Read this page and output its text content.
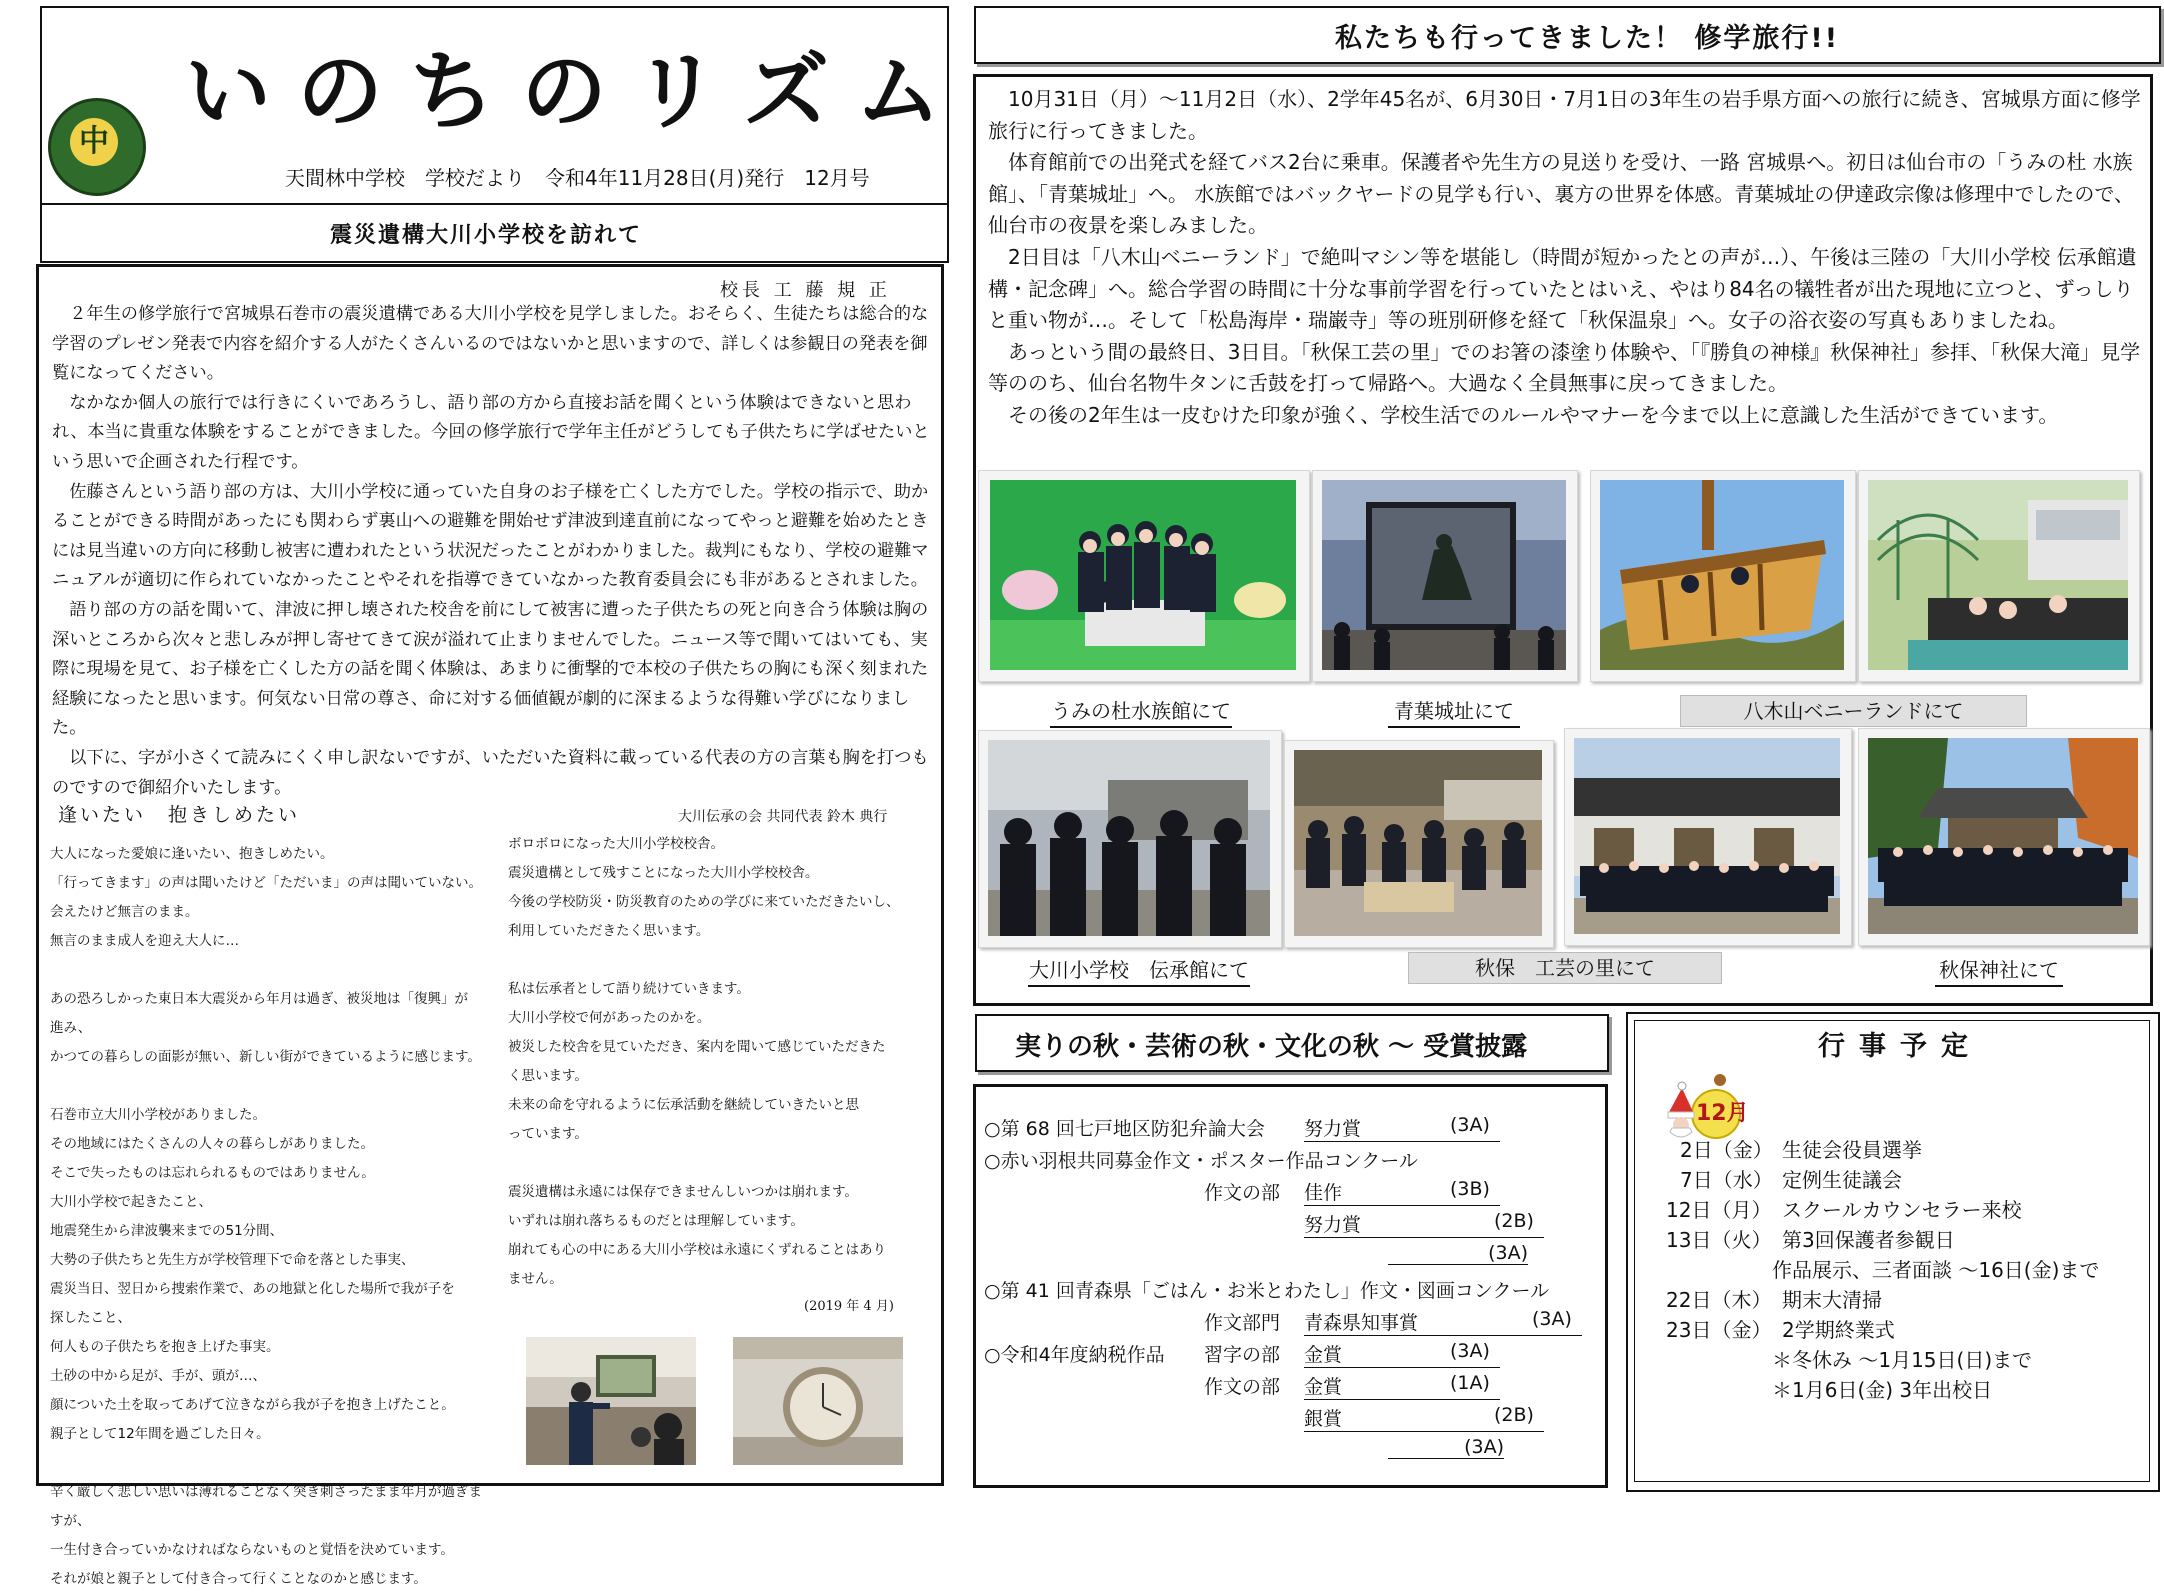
いのちのリズム
中
天間林中学校　学校だより　令和4年11月28日(月)発行　12月号
震災遺構大川小学校を訪れて
校長 工 藤 規 正

２年生の修学旅行で宮城県石巻市の震災遺構である大川小学校を見学しました。おそらく、生徒たちは総合的な学習のプレゼン発表で内容を紹介する人がたくさんいるのではないかと思いますので、詳しくは参観日の発表を御覧になってください。

なかなか個人の旅行では行きにくいであろうし、語り部の方から直接お話を聞くという体験はできないと思われ、本当に貴重な体験をすることができました。今回の修学旅行で学年主任がどうしても子供たちに学ばせたいという思いで企画された行程です。

佐藤さんという語り部の方は、大川小学校に通っていた自身のお子様を亡くした方でした。学校の指示で、助かることができる時間があったにも関わらず裏山への避難を開始せず津波到達直前になってやっと避難を始めたときには見当違いの方向に移動し被害に遭われたという状況だったことがわかりました。裁判にもなり、学校の避難マニュアルが適切に作られていなかったことやそれを指導できていなかった教育委員会にも非があるとされました。

語り部の方の話を聞いて、津波に押し壊された校舎を前にして被害に遭った子供たちの死と向き合う体験は胸の深いところから次々と悲しみが押し寄せてきて涙が溢れて止まりませんでした。ニュース等で聞いてはいても、実際に現場を見て、お子様を亡くした方の話を聞く体験は、あまりに衝撃的で本校の子供たちの胸にも深く刻まれた経験になったと思います。何気ない日常の尊さ、命に対する価値観が劇的に深まるような得難い学びになりました。

以下に、字が小さくて読みにくく申し訳ないですが、いただいた資料に載っている代表の方の言葉も胸を打つものですので御紹介いたします。

逢いたい　抱きしめたい	大川伝承の会 共同代表 鈴木 典行
大人になった愛娘に逢いたい、抱きしめたい。
「行ってきます」の声は聞いたけど「ただいま」の声は聞いていない。
会えたけど無言のまま。
無言のまま成人を迎え大人に…
あの恐ろしかった東日本大震災から年月は過ぎ、被災地は「復興」が
進み、
かつての暮らしの面影が無い、新しい街ができているように感じます。
石巻市立大川小学校がありました。
その地域にはたくさんの人々の暮らしがありました。
そこで失ったものは忘れられるものではありません。
大川小学校で起きたこと、
地震発生から津波襲来までの51分間、
大勢の子供たちと先生方が学校管理下で命を落とした事実、
震災当日、翌日から捜索作業で、あの地獄と化した場所で我が子を
探したこと、
何人もの子供たちを抱き上げた事実。
土砂の中から足が、手が、頭が…、
顔についた土を取ってあげて泣きながら我が子を抱き上げたこと。
親子として12年間を過ごした日々。
辛く厳しく悲しい思いは薄れることなく突き刺さったまま年月が過ぎま
すが、
一生付き合っていかなければならないものと覚悟を決めています。
それが娘と親子として付き合って行くことなのかと感じます。
ボロボロになった大川小学校校舎。
震災遺構として残すことになった大川小学校校舎。
今後の学校防災・防災教育のための学びに来ていただきたいし、
利用していただきたく思います。
私は伝承者として語り続けていきます。
大川小学校で何があったのかを。
被災した校舎を見ていただき、案内を聞いて感じていただきた
く思います。
未来の命を守れるように伝承活動を継続していきたいと思
っています。
震災遺構は永遠には保存できませんしいつかは崩れます。
いずれは崩れ落ちるものだとは理解しています。
崩れても心の中にある大川小学校は永遠にくずれることはあり
ません。
(2019 年 4 月)
私たちも行ってきました！ 修学旅行!!

10月31日（月）～11月2日（水）、2学年45名が、6月30日・7月1日の3年生の岩手県方面への旅行に続き、宮城県方面に修学旅行に行ってきました。

体育館前での出発式を経てバス2台に乗車。保護者や先生方の見送りを受け、一路 宮城県へ。初日は仙台市の「うみの杜 水族館」、「青葉城址」へ。 水族館ではバックヤードの見学も行い、裏方の世界を体感。青葉城址の伊達政宗像は修理中でしたので、仙台市の夜景を楽しみました。

2日目は「八木山ベニーランド」で絶叫マシン等を堪能し（時間が短かったとの声が…）、午後は三陸の「大川小学校 伝承館遺構・記念碑」へ。総合学習の時間に十分な事前学習を行っていたとはいえ、やはり84名の犠牲者が出た現地に立つと、ずっしりと重い物が…。そして「松島海岸・瑞巌寺」等の班別研修を経て「秋保温泉」へ。女子の浴衣姿の写真もありましたね。

あっという間の最終日、3日目。「秋保工芸の里」でのお箸の漆塗り体験や、「『勝負の神様』秋保神社」参拝、「秋保大滝」見学等ののち、仙台名物牛タンに舌鼓を打って帰路へ。大過なく全員無事に戻ってきました。

その後の2年生は一皮むけた印象が強く、学校生活でのルールやマナーを今まで以上に意識した生活ができています。

うみの杜水族館にて	青葉城址にて	八木山ベニーランドにて
大川小学校　伝承館にて	秋保　工芸の里にて	秋保神社にて
実りの秋・芸術の秋・文化の秋 ～ 受賞披露
○第 68 回七戸地区防犯弁論大会 努力賞	(3A)
○赤い羽根共同募金作文・ポスター作品コンクール
作文の部 佳作	(3B)
努力賞	(2B)
(3A)
○第 41 回青森県「ごはん・お米とわたし」作文・図画コンクール
作文部門 青森県知事賞	(3A)
○令和4年度納税作品 習字の部 金賞	(3A)
作文の部 金賞	(1A)
銀賞	(2B)
(3A)
行事予定
12月
2日（金） 生徒会役員選挙
7日（水） 定例生徒議会
12日（月） スクールカウンセラー来校
13日（火） 第3回保護者参観日
作品展示、三者面談 ～16日(金)まで
22日（木） 期末大清掃
23日（金） 2学期終業式
＊冬休み ～1月15日(日)まで
＊1月6日(金) 3年出校日
